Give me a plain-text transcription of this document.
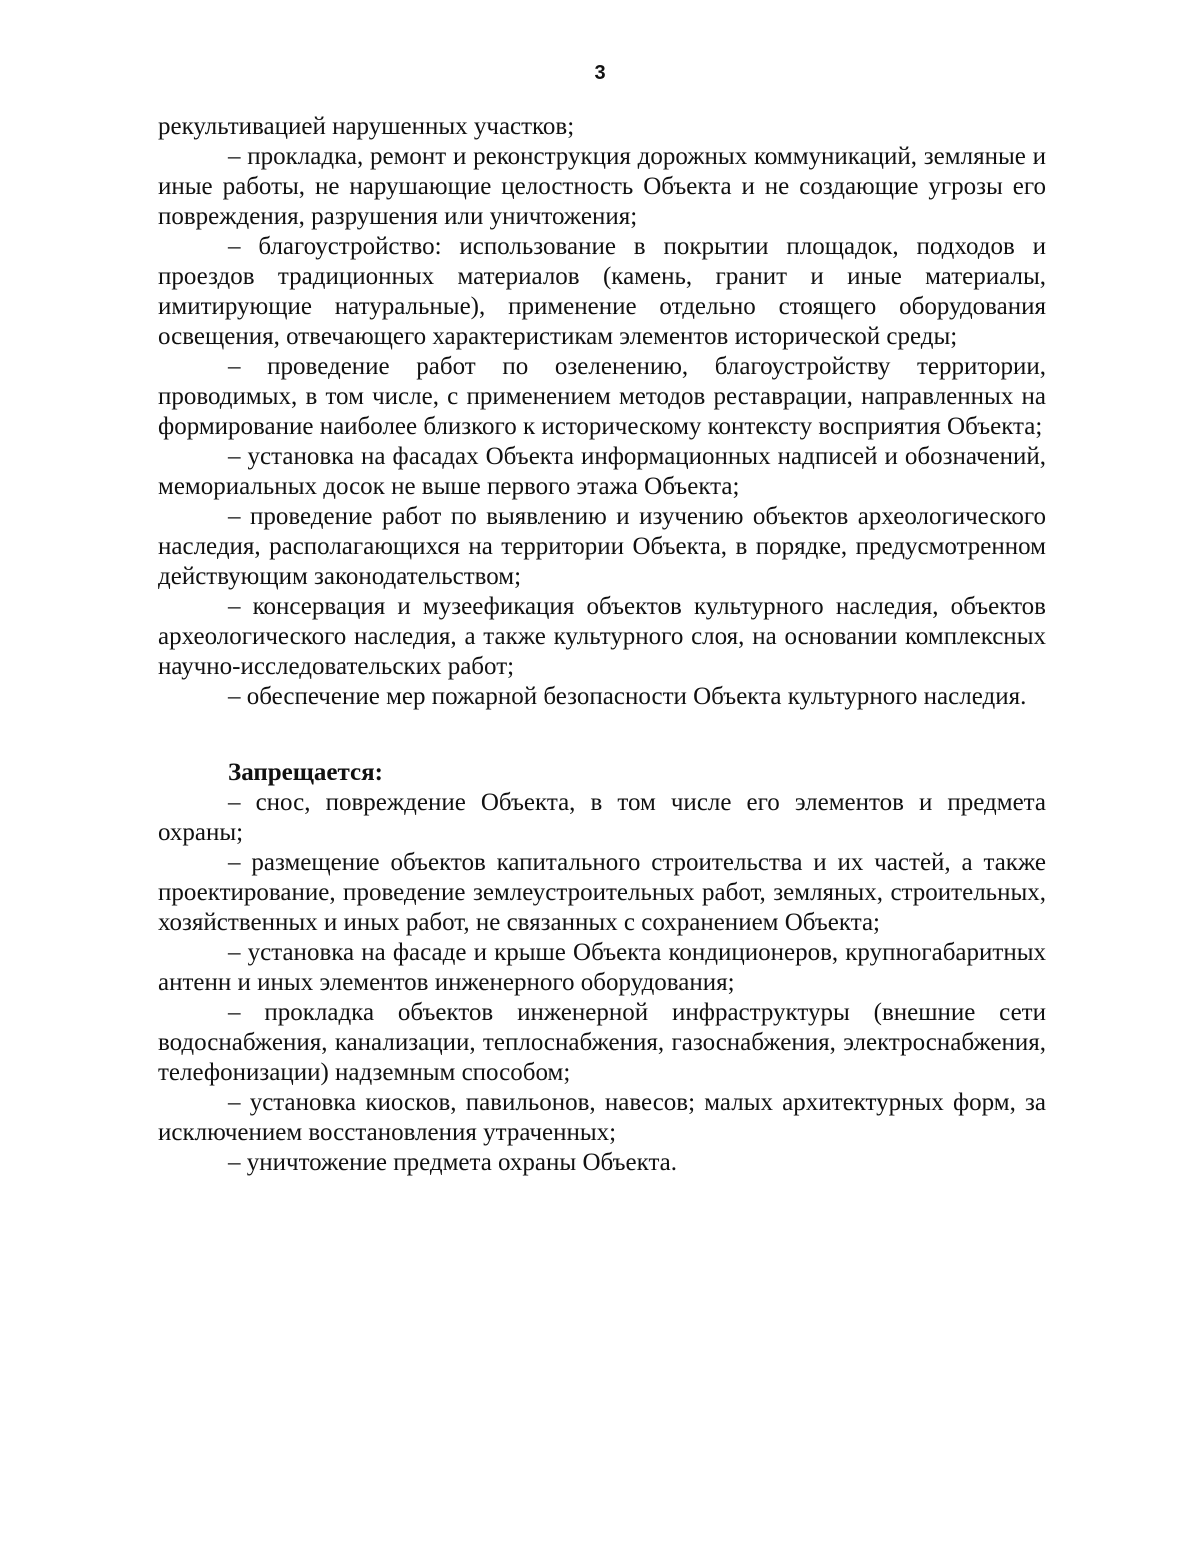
3

рекультивацией нарушенных участков;

– прокладка, ремонт и реконструкция дорожных коммуникаций, земляные и иные работы, не нарушающие целостность Объекта и не создающие угрозы его повреждения, разрушения или уничтожения;

– благоустройство: использование в покрытии площадок, подходов и проездов традиционных материалов (камень, гранит и иные материалы, имитирующие натуральные), применение отдельно стоящего оборудования освещения, отвечающего характеристикам элементов исторической среды;

– проведение работ по озеленению, благоустройству территории, проводимых, в том числе, с применением методов реставрации, направленных на формирование наиболее близкого к историческому контексту восприятия Объекта;

– установка на фасадах Объекта информационных надписей и обозначений, мемориальных досок не выше первого этажа Объекта;

– проведение работ по выявлению и изучению объектов археологического наследия, располагающихся на территории Объекта, в порядке, предусмотренном действующим законодательством;

– консервация и музеефикация объектов культурного наследия, объектов археологического наследия, а также культурного слоя, на основании комплексных научно-исследовательских работ;

– обеспечение мер пожарной безопасности Объекта культурного наследия.

Запрещается:

– снос, повреждение Объекта, в том числе его элементов и предмета охраны;

– размещение объектов капитального строительства и их частей, а также проектирование, проведение землеустроительных работ, земляных, строительных, хозяйственных и иных работ, не связанных с сохранением Объекта;

– установка на фасаде и крыше Объекта кондиционеров, крупногабаритных антенн и иных элементов инженерного оборудования;

– прокладка объектов инженерной инфраструктуры (внешние сети водоснабжения, канализации, теплоснабжения, газоснабжения, электроснабжения, телефонизации) надземным способом;

– установка киосков, павильонов, навесов; малых архитектурных форм, за исключением восстановления утраченных;

– уничтожение предмета охраны Объекта.
